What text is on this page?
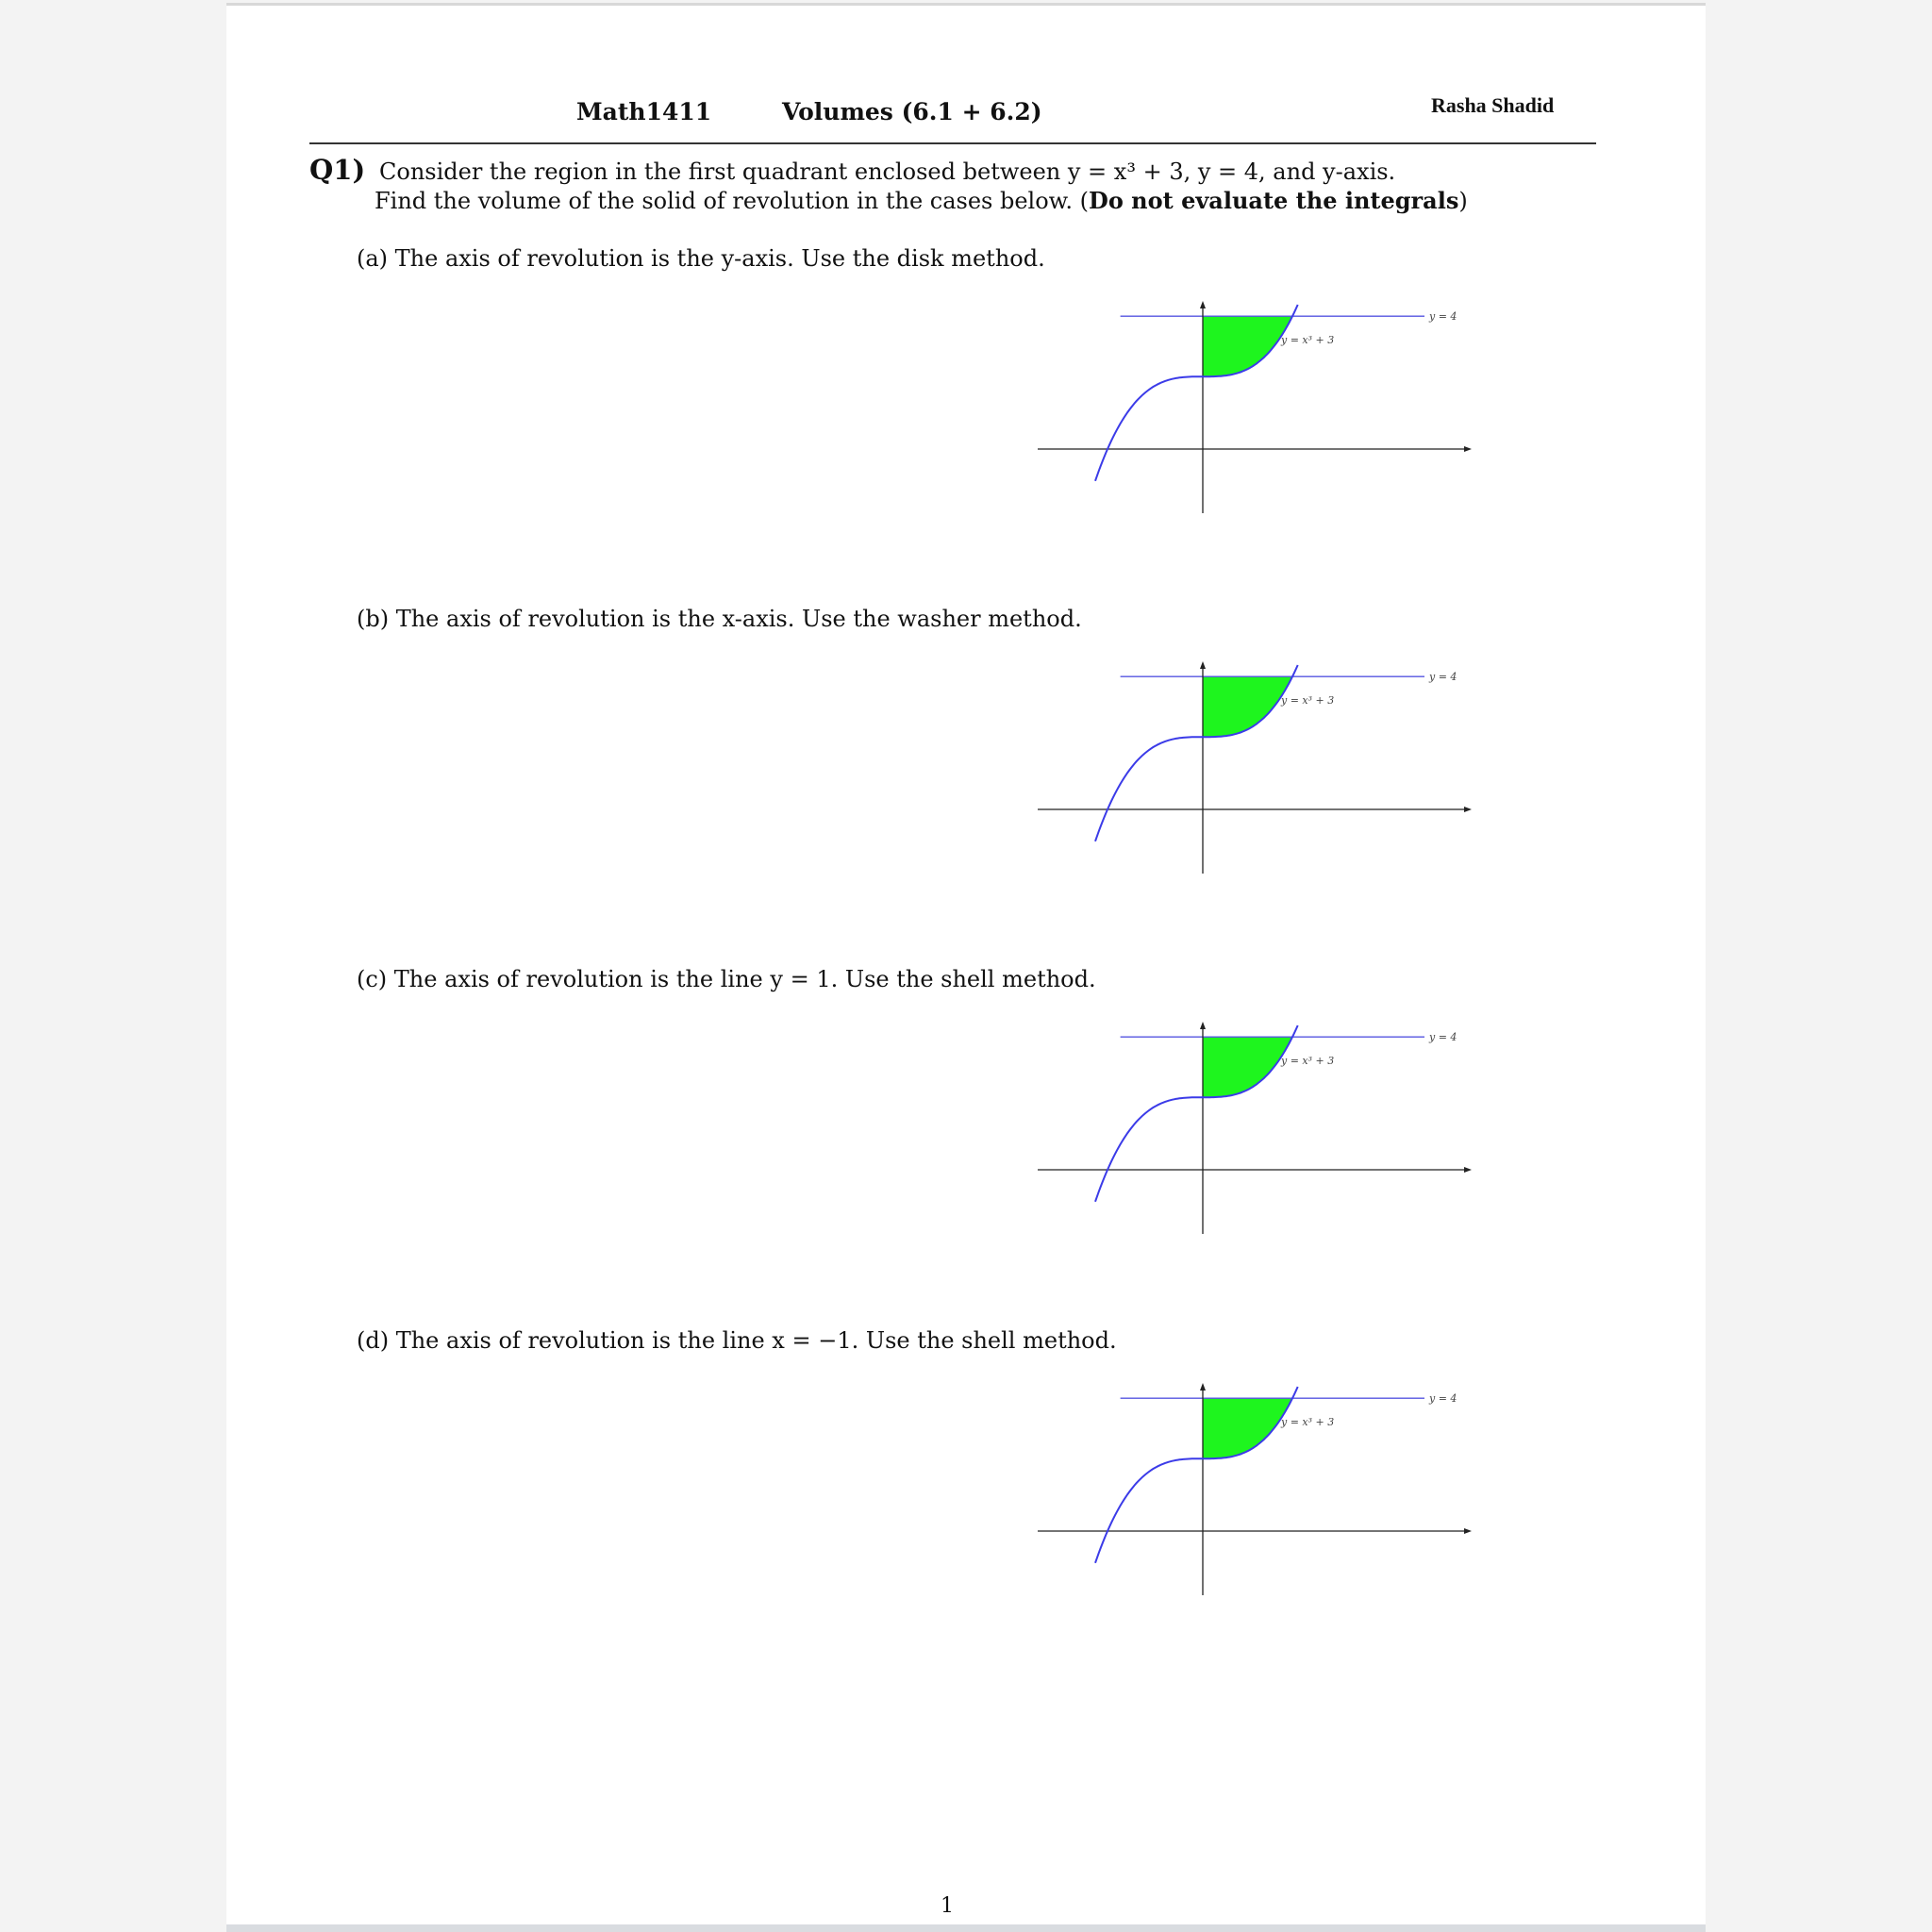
Math1411	Volumes (6.1 + 6.2)	Rasha Shadid
Q1) Consider the region in the first quadrant enclosed between y = x³ + 3, y = 4, and y-axis.
Find the volume of the solid of revolution in the cases below. (Do not evaluate the integrals)
(a) The axis of revolution is the y-axis. Use the disk method.
y = x³ + 3
y = 4
(b) The axis of revolution is the x-axis. Use the washer method.
y = x³ + 3
y = 4
(c) The axis of revolution is the line y = 1. Use the shell method.
y = x³ + 3
y = 4
(d) The axis of revolution is the line x = −1. Use the shell method.
y = x³ + 3
y = 4
1
